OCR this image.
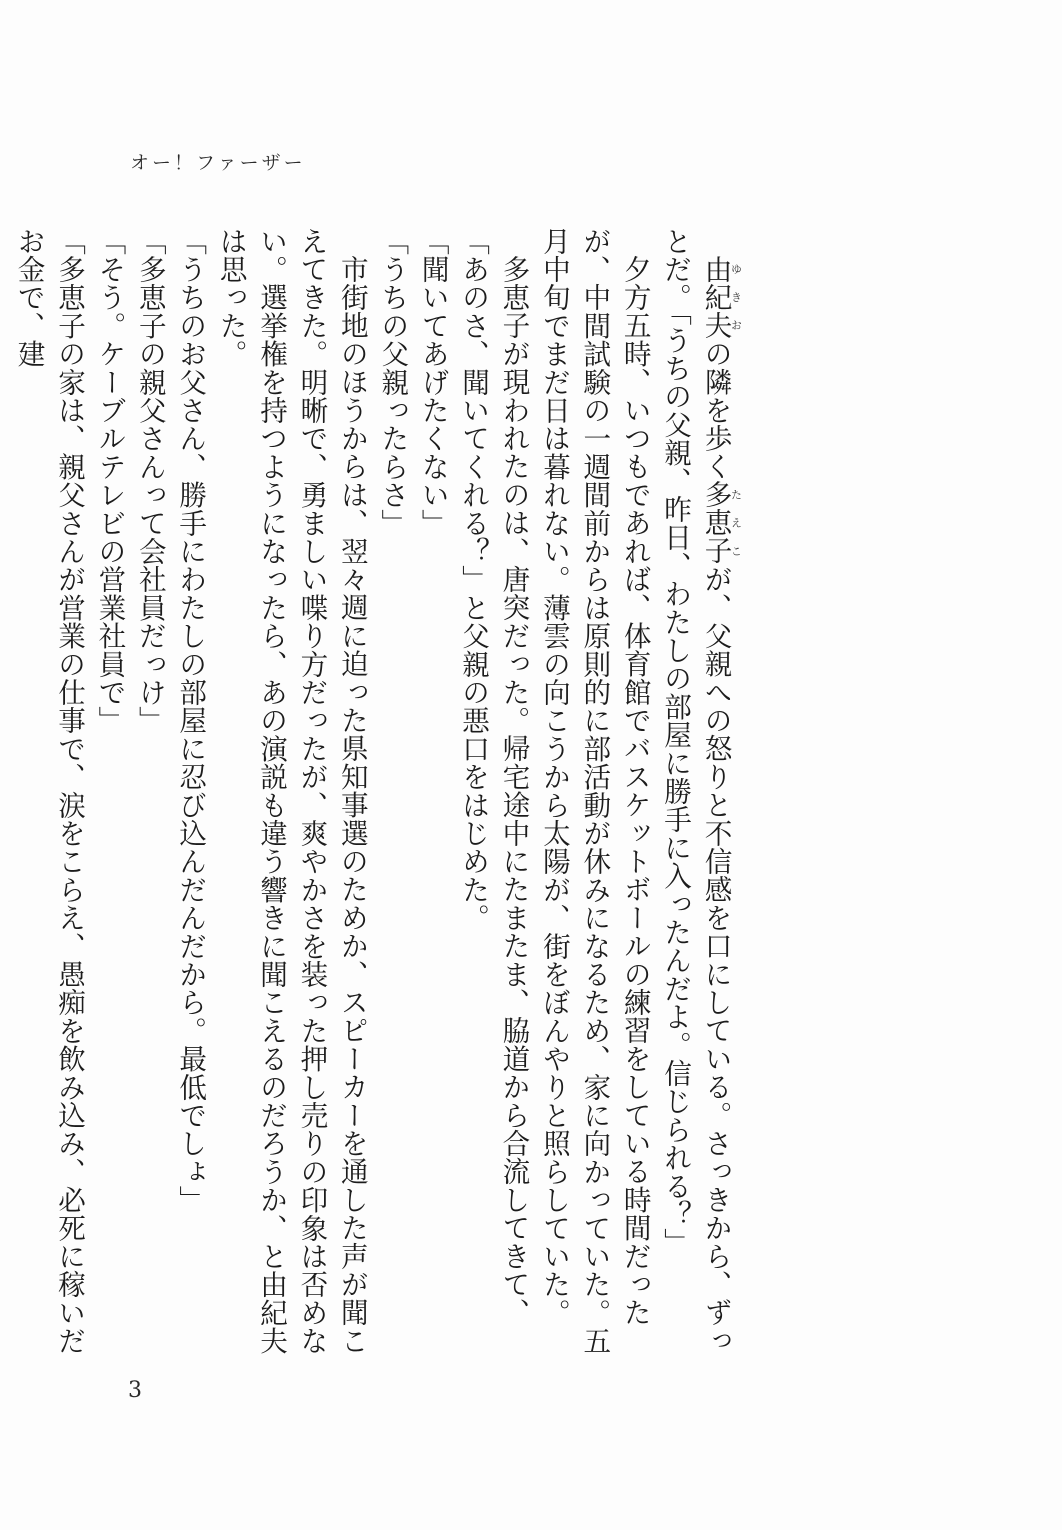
オー！ファーザー

由紀夫ゆきおの隣を歩く多恵子たえこが、父親への怒りと不信感を口にしている。さっきから、ずっとだ。「うちの父親、昨日、わたしの部屋に勝手に入ったんだよ。信じられる？」

夕方五時、いつもであれば、体育館でバスケットボールの練習をしている時間だったが、中間試験の一週間前からは原則的に部活動が休みになるため、家に向かっていた。五月中旬でまだ日は暮れない。薄雲の向こうから太陽が、街をぼんやりと照らしていた。

多恵子が現われたのは、唐突だった。帰宅途中にたまたま、脇道から合流してきて、「あのさ、聞いてくれる？」と父親の悪口をはじめた。

「聞いてあげたくない」

「うちの父親ったらさ」

市街地のほうからは、翌々週に迫った県知事選のためか、スピーカーを通した声が聞こえてきた。明晰で、勇ましい喋り方だったが、爽やかさを装った押し売りの印象は否めない。選挙権を持つようになったら、あの演説も違う響きに聞こえるのだろうか、と由紀夫は思った。

「うちのお父さん、勝手にわたしの部屋に忍び込んだんだから。最低でしょ」

「多恵子の親父さんって会社員だっけ」

「そう。ケーブルテレビの営業社員で」

「多恵子の家は、親父さんが営業の仕事で、涙をこらえ、愚痴を飲み込み、必死に稼いだお金で、建

3
